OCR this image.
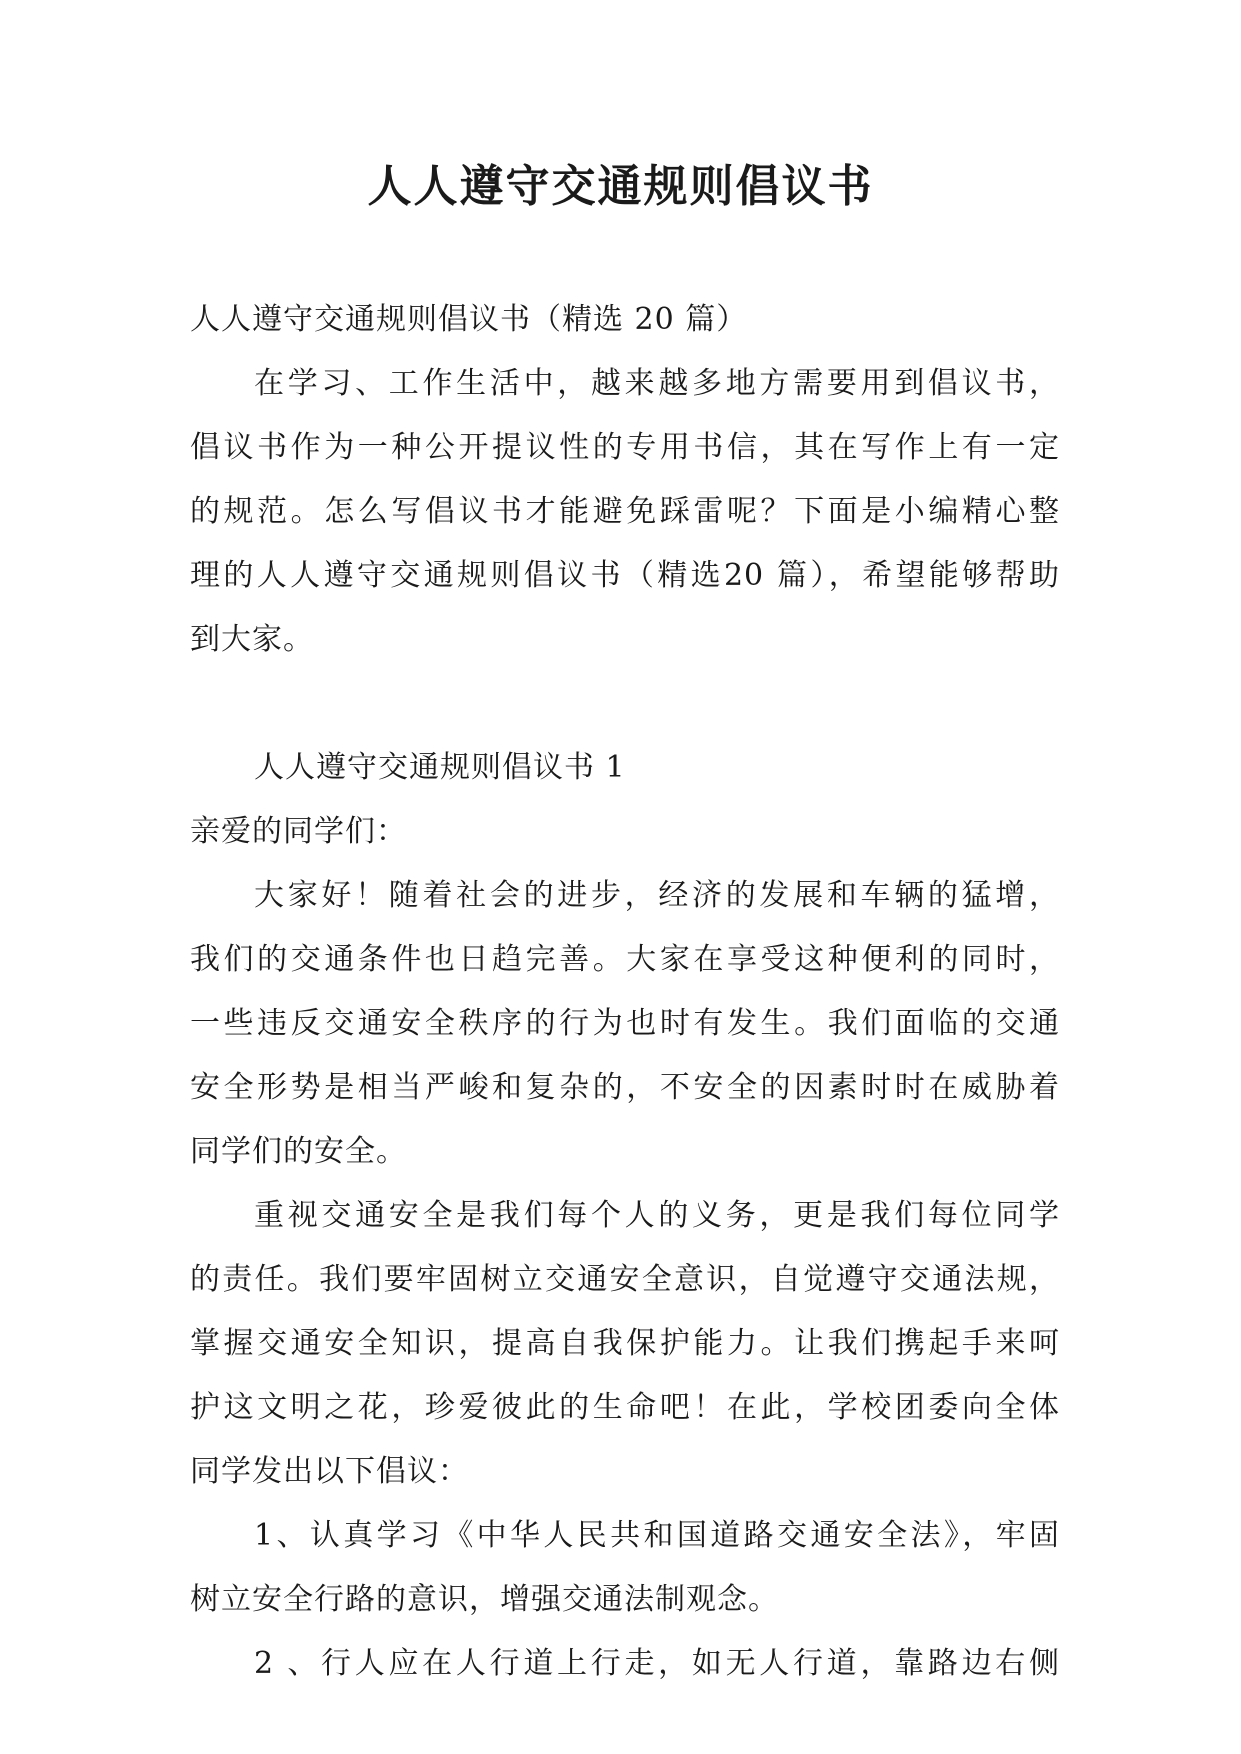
人人遵守交通规则倡议书
人人遵守交通规则倡议书（精选 20 篇）
在学习、工作生活中，越来越多地方需要用到倡议书，
倡议书作为一种公开提议性的专用书信，其在写作上有一定
的规范。怎么写倡议书才能避免踩雷呢？下面是小编精心整
理的人人遵守交通规则倡议书（精选20 篇），希望能够帮助
到大家。
人人遵守交通规则倡议书 1
亲爱的同学们：
大家好！随着社会的进步，经济的发展和车辆的猛增，
我们的交通条件也日趋完善。大家在享受这种便利的同时，
一些违反交通安全秩序的行为也时有发生。我们面临的交通
安全形势是相当严峻和复杂的，不安全的因素时时在威胁着
同学们的安全。
重视交通安全是我们每个人的义务，更是我们每位同学
的责任。我们要牢固树立交通安全意识，自觉遵守交通法规，
掌握交通安全知识，提高自我保护能力。让我们携起手来呵
护这文明之花，珍爱彼此的生命吧！在此，学校团委向全体
同学发出以下倡议：
1、认真学习《中华人民共和国道路交通安全法》，牢固
树立安全行路的意识，增强交通法制观念。
2 、行人应在人行道上行走，如无人行道，靠路边右侧
